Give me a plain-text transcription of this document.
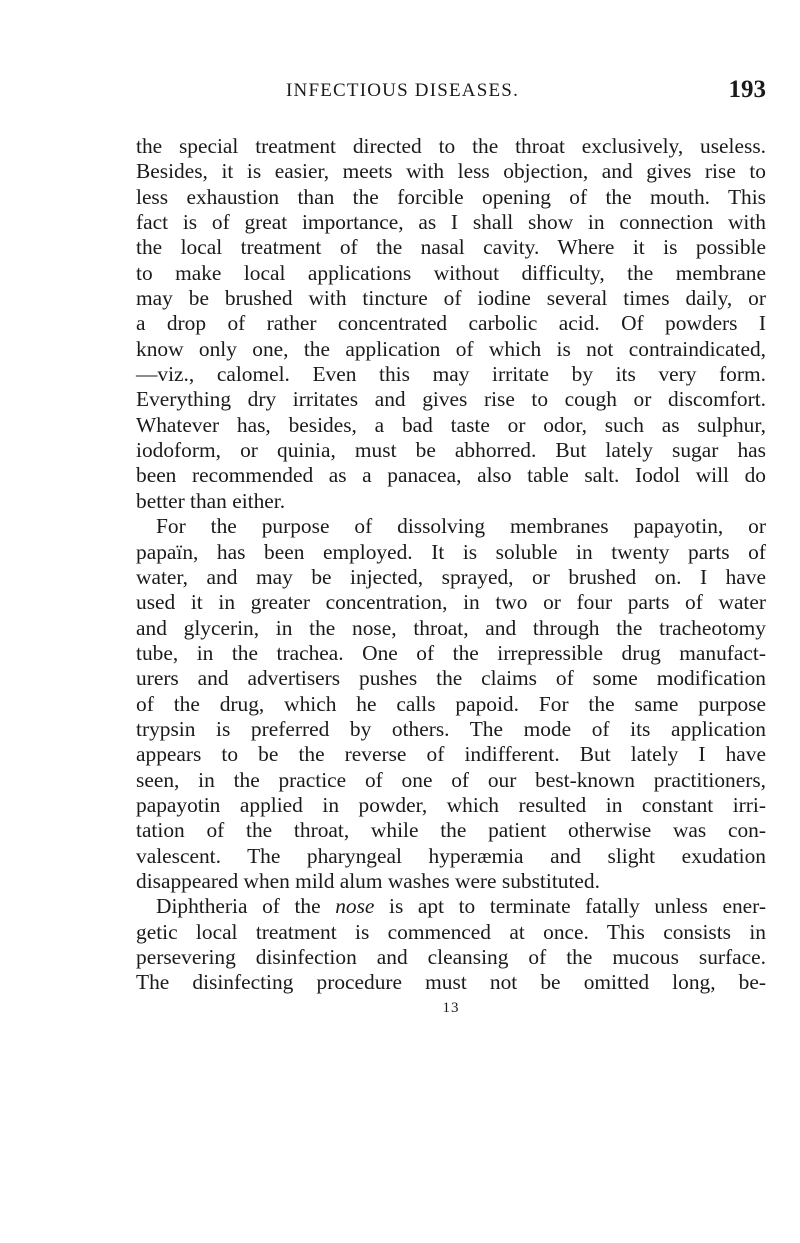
INFECTIOUS DISEASES.	193
the special treatment directed to the throat exclusively, useless.
Besides, it is easier, meets with less objection, and gives rise to
less exhaustion than the forcible opening of the mouth. This
fact is of great importance, as I shall show in connection with
the local treatment of the nasal cavity. Where it is possible
to make local applications without difficulty, the membrane
may be brushed with tincture of iodine several times daily, or
a drop of rather concentrated carbolic acid. Of powders I
know only one, the application of which is not contraindicated,
—viz., calomel. Even this may irritate by its very form.
Everything dry irritates and gives rise to cough or discomfort.
Whatever has, besides, a bad taste or odor, such as sulphur,
iodoform, or quinia, must be abhorred. But lately sugar has
been recommended as a panacea, also table salt. Iodol will do
better than either.
For the purpose of dissolving membranes papayotin, or
papaïn, has been employed. It is soluble in twenty parts of
water, and may be injected, sprayed, or brushed on. I have
used it in greater concentration, in two or four parts of water
and glycerin, in the nose, throat, and through the tracheotomy
tube, in the trachea. One of the irrepressible drug manufact-
urers and advertisers pushes the claims of some modification
of the drug, which he calls papoid. For the same purpose
trypsin is preferred by others. The mode of its application
appears to be the reverse of indifferent. But lately I have
seen, in the practice of one of our best-known practitioners,
papayotin applied in powder, which resulted in constant irri-
tation of the throat, while the patient otherwise was con-
valescent. The pharyngeal hyperæmia and slight exudation
disappeared when mild alum washes were substituted.
Diphtheria of the nose is apt to terminate fatally unless ener-
getic local treatment is commenced at once. This consists in
persevering disinfection and cleansing of the mucous surface.
The disinfecting procedure must not be omitted long, be-
13
